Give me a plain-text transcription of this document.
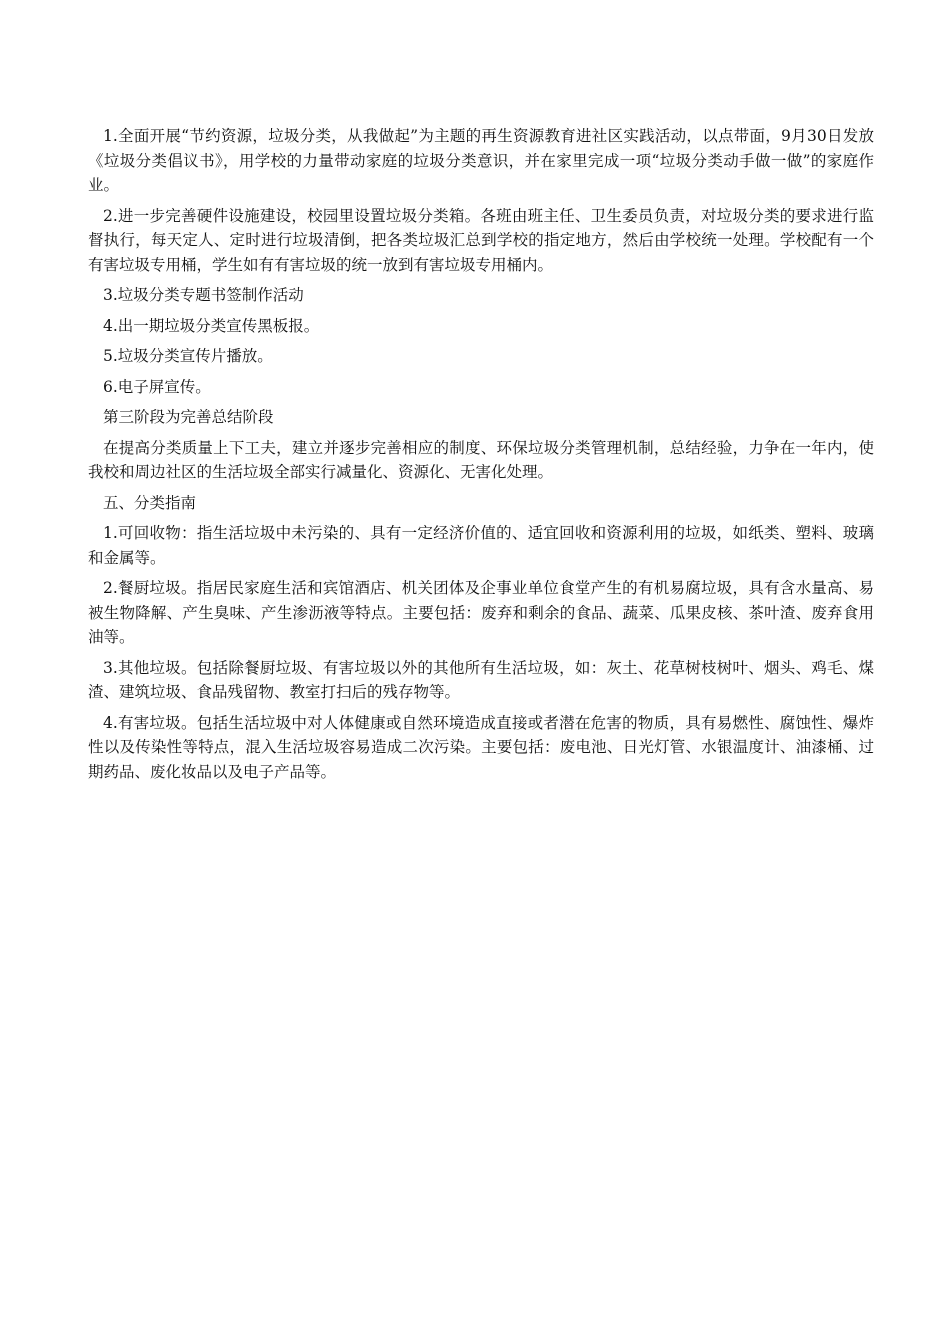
1.全面开展“节约资源，垃圾分类，从我做起”为主题的再生资源教育进社区实践活动，以点带面，9月30日发放《垃圾分类倡议书》，用学校的力量带动家庭的垃圾分类意识，并在家里完成一项“垃圾分类动手做一做”的家庭作业。

2.进一步完善硬件设施建设，校园里设置垃圾分类箱。各班由班主任、卫生委员负责，对垃圾分类的要求进行监督执行，每天定人、定时进行垃圾清倒，把各类垃圾汇总到学校的指定地方，然后由学校统一处理。学校配有一个有害垃圾专用桶，学生如有有害垃圾的统一放到有害垃圾专用桶内。

3.垃圾分类专题书签制作活动

4.出一期垃圾分类宣传黑板报。

5.垃圾分类宣传片播放。

6.电子屏宣传。

第三阶段为完善总结阶段

在提高分类质量上下工夫，建立并逐步完善相应的制度、环保垃圾分类管理机制，总结经验，力争在一年内，使我校和周边社区的生活垃圾全部实行减量化、资源化、无害化处理。

五、分类指南

1.可回收物：指生活垃圾中未污染的、具有一定经济价值的、适宜回收和资源利用的垃圾，如纸类、塑料、玻璃和金属等。

2.餐厨垃圾。指居民家庭生活和宾馆酒店、机关团体及企事业单位食堂产生的有机易腐垃圾，具有含水量高、易被生物降解、产生臭味、产生渗沥液等特点。主要包括：废弃和剩余的食品、蔬菜、瓜果皮核、茶叶渣、废弃食用油等。

3.其他垃圾。包括除餐厨垃圾、有害垃圾以外的其他所有生活垃圾，如：灰土、花草树枝树叶、烟头、鸡毛、煤渣、建筑垃圾、食品残留物、教室打扫后的残存物等。

4.有害垃圾。包括生活垃圾中对人体健康或自然环境造成直接或者潜在危害的物质，具有易燃性、腐蚀性、爆炸性以及传染性等特点，混入生活垃圾容易造成二次污染。主要包括：废电池、日光灯管、水银温度计、油漆桶、过期药品、废化妆品以及电子产品等。
